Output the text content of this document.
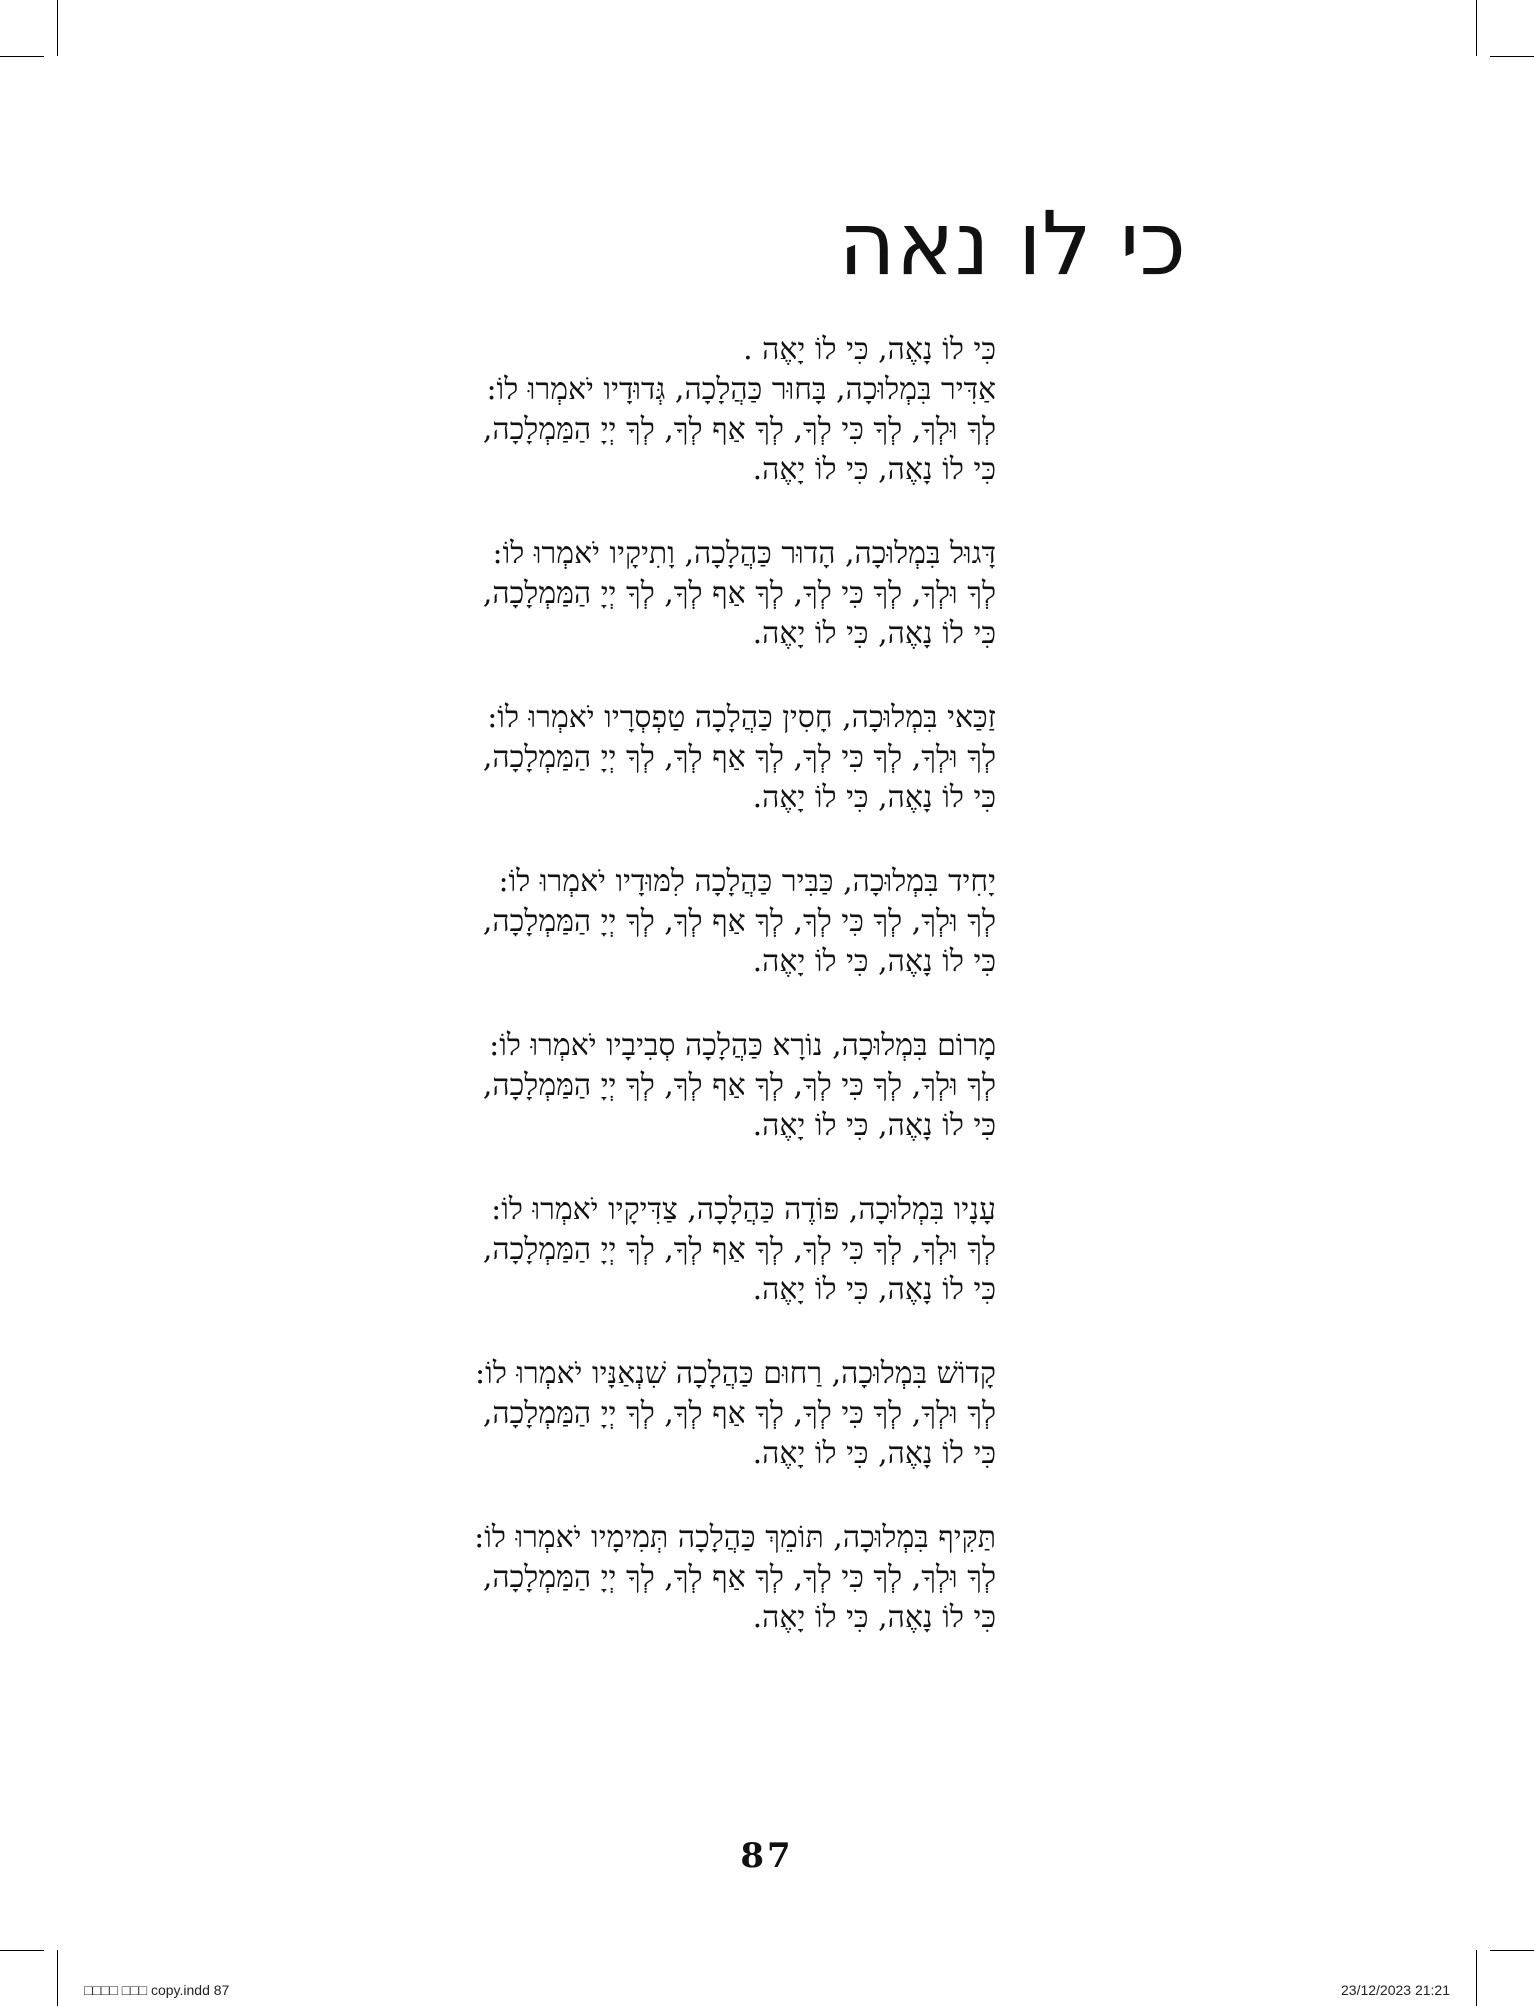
כי לו נאה
כִּי לוֹ נָאֶה, כִּי לוֹ יָאֶה .
אַדִּיר בִּמְלוּכָה, בָּחוּר כַּהֲלָכָה, גְּדוּדָיו יֹאמְרוּ לוֹ:
לְךָ וּלְךָ, לְךָ כִּי לְךָ, לְךָ אַף לְךָ, לְךָ יְיָ הַמַּמְלָכָה,
כִּי לוֹ נָאֶה, כִּי לוֹ יָאֶה.
דָּגוּל בִּמְלוּכָה, הָדוּר כַּהֲלָכָה, וָתִיקָיו יֹאמְרוּ לוֹ:
לְךָ וּלְךָ, לְךָ כִּי לְךָ, לְךָ אַף לְךָ, לְךָ יְיָ הַמַּמְלָכָה,
כִּי לוֹ נָאֶה, כִּי לוֹ יָאֶה.
זַכַּאי בִּמְלוּכָה, חָסִין כַּהֲלָכָה טַפְסְרָיו יֹאמְרוּ לוֹ:
לְךָ וּלְךָ, לְךָ כִּי לְךָ, לְךָ אַף לְךָ, לְךָ יְיָ הַמַּמְלָכָה,
כִּי לוֹ נָאֶה, כִּי לוֹ יָאֶה.
יָחִיד בִּמְלוּכָה, כַּבִּיר כַּהֲלָכָה לִמּוּדָיו יֹאמְרוּ לוֹ:
לְךָ וּלְךָ, לְךָ כִּי לְךָ, לְךָ אַף לְךָ, לְךָ יְיָ הַמַּמְלָכָה,
כִּי לוֹ נָאֶה, כִּי לוֹ יָאֶה.
מָרוֹם בִּמְלוּכָה, נוֹרָא כַּהֲלָכָה סְבִיבָיו יֹאמְרוּ לוֹ:
לְךָ וּלְךָ, לְךָ כִּי לְךָ, לְךָ אַף לְךָ, לְךָ יְיָ הַמַּמְלָכָה,
כִּי לוֹ נָאֶה, כִּי לוֹ יָאֶה.
עָנָיו בִּמְלוּכָה, פּוֹדֶה כַּהֲלָכָה, צַדִּיקָיו יֹאמְרוּ לוֹ:
לְךָ וּלְךָ, לְךָ כִּי לְךָ, לְךָ אַף לְךָ, לְךָ יְיָ הַמַּמְלָכָה,
כִּי לוֹ נָאֶה, כִּי לוֹ יָאֶה.
קָדוֹשׁ בִּמְלוּכָה, רַחוּם כַּהֲלָכָה שִׁנְאַנָּיו יֹאמְרוּ לוֹ:
לְךָ וּלְךָ, לְךָ כִּי לְךָ, לְךָ אַף לְךָ, לְךָ יְיָ הַמַּמְלָכָה,
כִּי לוֹ נָאֶה, כִּי לוֹ יָאֶה.
תַּקִּיף בִּמְלוּכָה, תּוֹמֵךְ כַּהֲלָכָה תְּמִימָיו יֹאמְרוּ לוֹ:
לְךָ וּלְךָ, לְךָ כִּי לְךָ, לְךָ אַף לְךָ, לְךָ יְיָ הַמַּמְלָכָה,
כִּי לוֹ נָאֶה, כִּי לוֹ יָאֶה.
87
□□□□ □□□ copy.indd 87	23/12/2023 21:21
